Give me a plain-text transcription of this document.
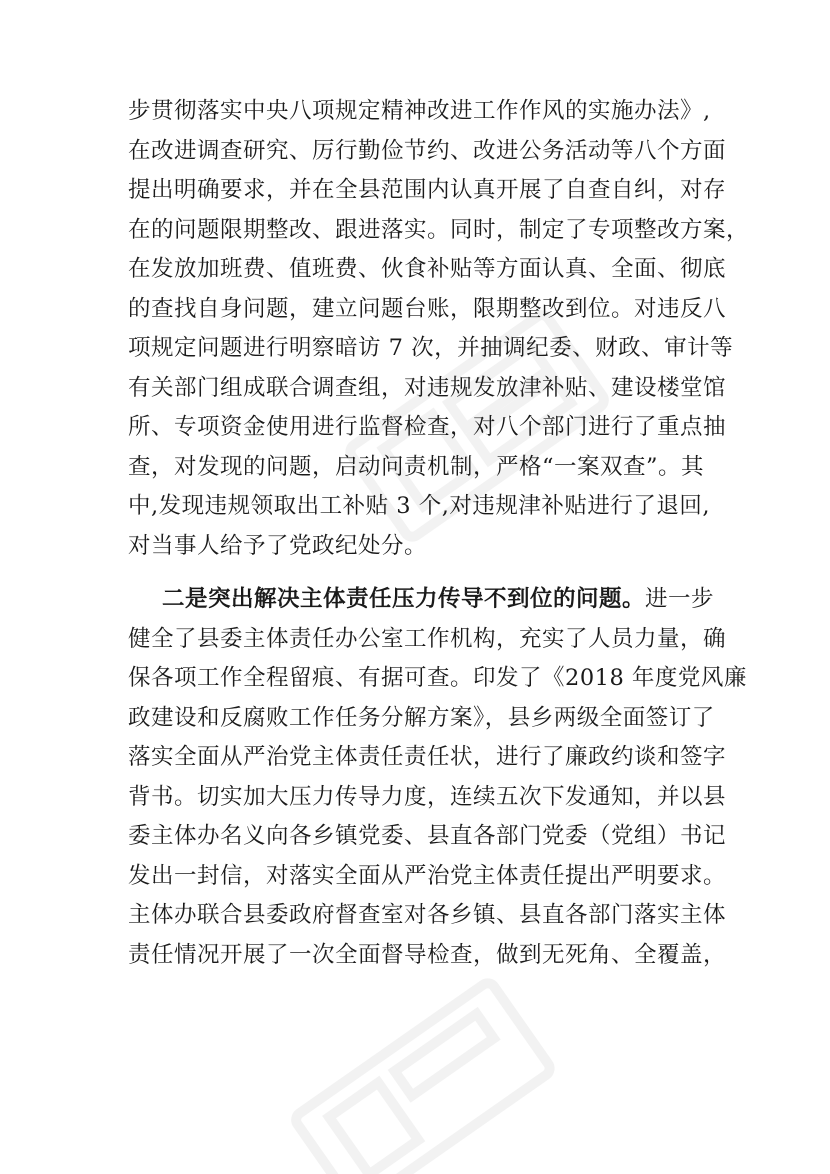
步贯彻落实中央八项规定精神改进工作作风的实施办法》,
在改进调查研究、厉行勤俭节约、改进公务活动等八个方面
提出明确要求，并在全县范围内认真开展了自查自纠，对存
在的问题限期整改、跟进落实。同时，制定了专项整改方案，
在发放加班费、值班费、伙食补贴等方面认真、全面、彻底
的查找自身问题，建立问题台账，限期整改到位。对违反八
项规定问题进行明察暗访 7 次，并抽调纪委、财政、审计等
有关部门组成联合调查组，对违规发放津补贴、建设楼堂馆
所、专项资金使用进行监督检查，对八个部门进行了重点抽
查，对发现的问题，启动问责机制，严格“一案双查”。其
中,发现违规领取出工补贴 3 个,对违规津补贴进行了退回,
对当事人给予了党政纪处分。
二是突出解决主体责任压力传导不到位的问题。进一步
健全了县委主体责任办公室工作机构，充实了人员力量，确
保各项工作全程留痕、有据可查。印发了《2018 年度党风廉
政建设和反腐败工作任务分解方案》，县乡两级全面签订了
落实全面从严治党主体责任责任状，进行了廉政约谈和签字
背书。切实加大压力传导力度，连续五次下发通知，并以县
委主体办名义向各乡镇党委、县直各部门党委（党组）书记
发出一封信，对落实全面从严治党主体责任提出严明要求。
主体办联合县委政府督查室对各乡镇、县直各部门落实主体
责任情况开展了一次全面督导检查，做到无死角、全覆盖，
